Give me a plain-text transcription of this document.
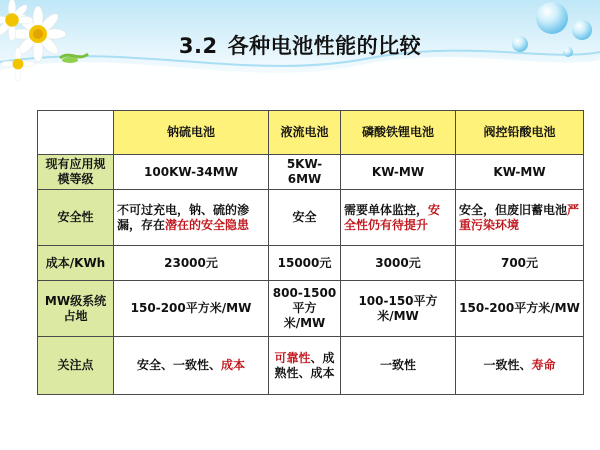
3.2 各种电池性能的比较
	钠硫电池	液流电池	磷酸铁锂电池	阀控铅酸电池
现有应用规模等级	100KW-34MW	5KW-6MW	KW-MW	KW-MW
安全性	不可过充电，钠、硫的渗漏，存在潜在的安全隐患	安全	需要单体监控，安全性仍有待提升	安全，但废旧蓄电池严重污染环境
成本/KWh	23000元	15000元	3000元	700元
MW级系统占地	150-200平方米/MW	800-1500平方米/MW	100-150平方米/MW	150-200平方米/MW
关注点	安全、一致性、成本	可靠性、成熟性、成本	一致性	一致性、寿命
